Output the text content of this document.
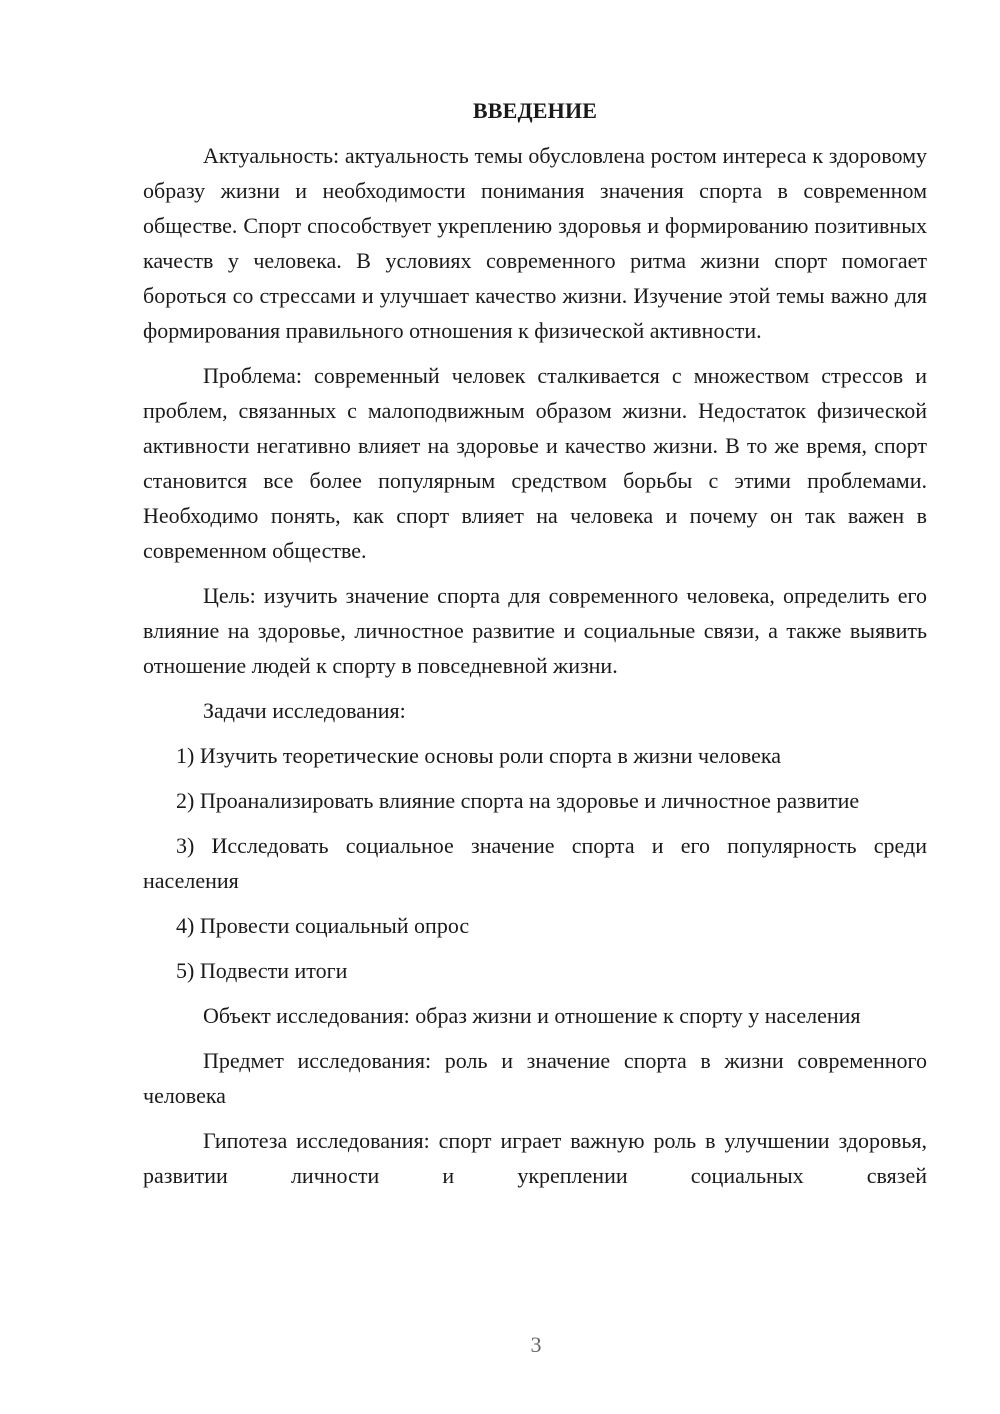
ВВЕДЕНИЕ

Актуальность: актуальность темы обусловлена ростом интереса к здоровому образу жизни и необходимости понимания значения спорта в современном обществе. Спорт способствует укреплению здоровья и формированию позитивных качеств у человека. В условиях современного ритма жизни спорт помогает бороться со стрессами и улучшает качество жизни. Изучение этой темы важно для формирования правильного отношения к физической активности.

Проблема: современный человек сталкивается с множеством стрессов и проблем, связанных с малоподвижным образом жизни. Недостаток физической активности негативно влияет на здоровье и качество жизни. В то же время, спорт становится все более популярным средством борьбы с этими проблемами. Необходимо понять, как спорт влияет на человека и почему он так важен в современном обществе.

Цель: изучить значение спорта для современного человека, определить его влияние на здоровье, личностное развитие и социальные связи, а также выявить отношение людей к спорту в повседневной жизни.

Задачи исследования:

1) Изучить теоретические основы роли спорта в жизни человека

2) Проанализировать влияние спорта на здоровье и личностное развитие

3) Исследовать социальное значение спорта и его популярность среди населения

4) Провести социальный опрос

5) Подвести итоги

Объект исследования: образ жизни и отношение к спорту у населения

Предмет исследования: роль и значение спорта в жизни современного человека

Гипотеза исследования: спорт играет важную роль в улучшении здоровья, развитии личности и укреплении социальных связей

3
